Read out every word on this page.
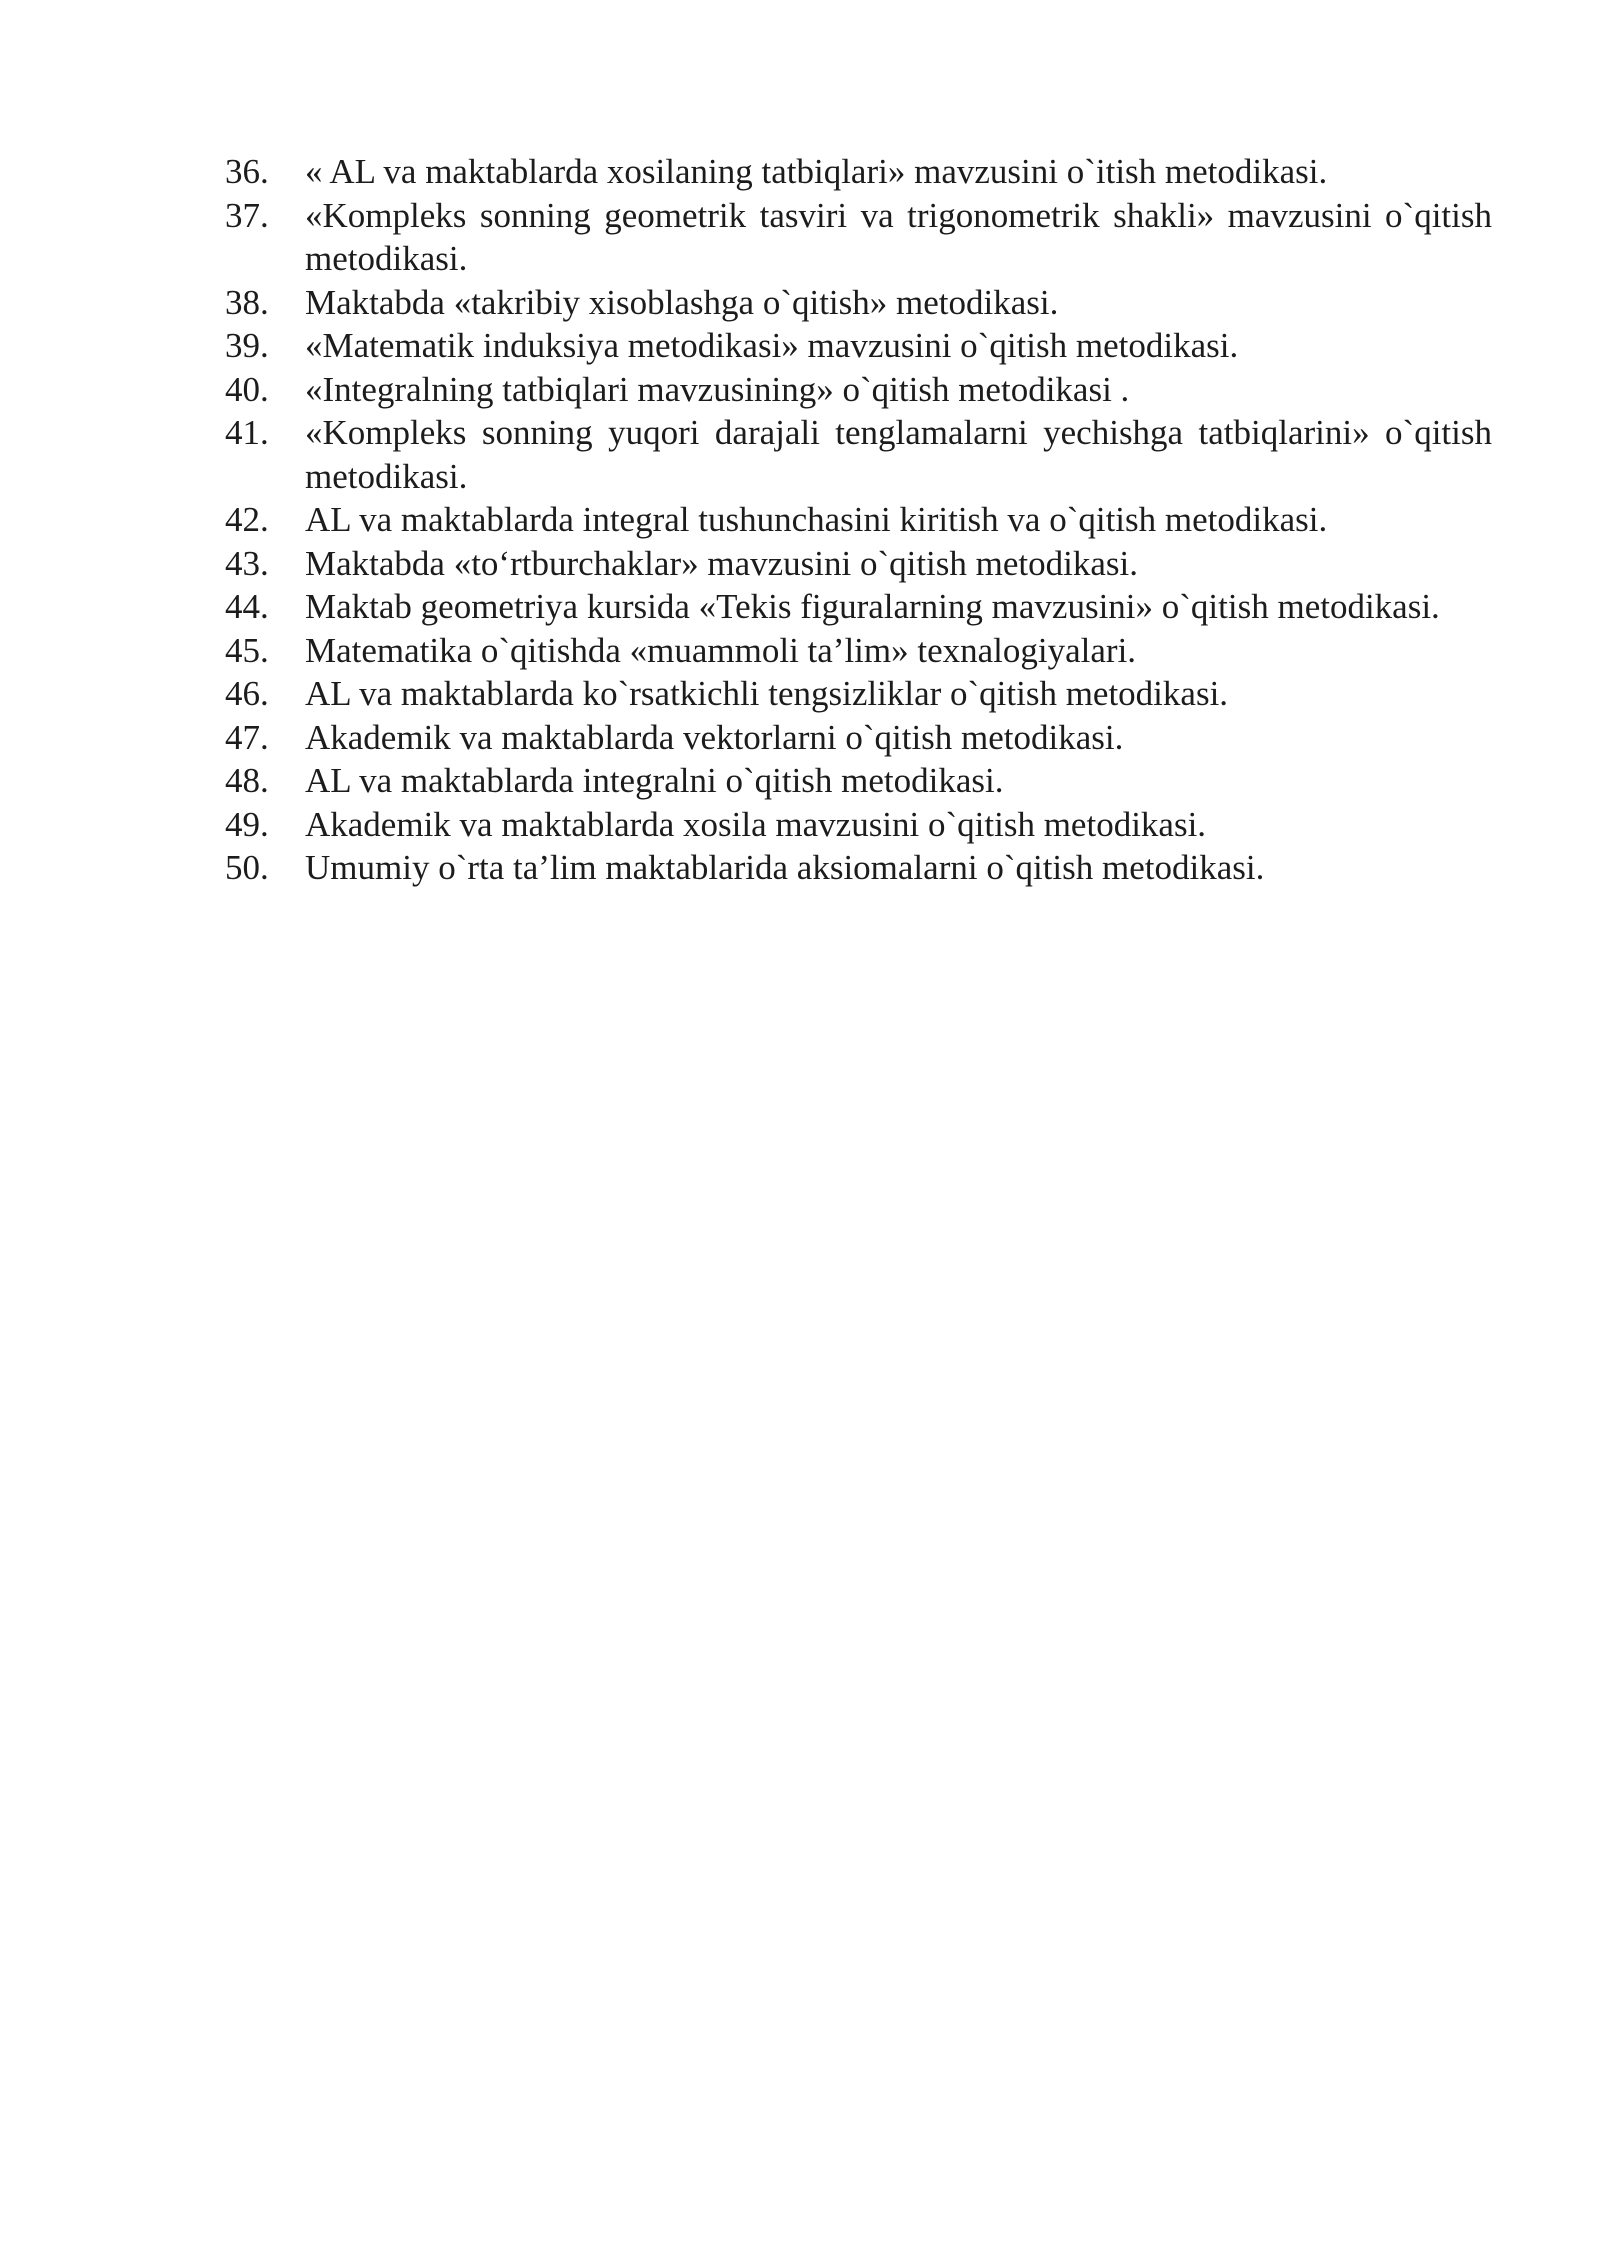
36.	« AL va maktablarda xosilaning tatbiqlari» mavzusini o`itish metodikasi.
37.	«Kompleks sonning geometrik tasviri va trigonometrik shakli» mavzusini o`qitish metodikasi.
38.	Maktabda «takribiy xisoblashga o`qitish» metodikasi.
39.	«Matematik induksiya metodikasi» mavzusini o`qitish metodikasi.
40.	«Integralning tatbiqlari mavzusining» o`qitish metodikasi .
41.	«Kompleks sonning yuqori darajali tenglamalarni yechishga tatbiqlarini» o`qitish metodikasi.
42.	AL va maktablarda integral tushunchasini kiritish va o`qitish metodikasi.
43.	Maktabda «to‘rtburchaklar» mavzusini o`qitish metodikasi.
44.	Maktab geometriya kursida «Tekis figuralarning mavzusini» o`qitish metodikasi.
45.	Matematika o`qitishda «muammoli ta’lim» texnalogiyalari.
46.	AL va maktablarda ko`rsatkichli tengsizliklar o`qitish metodikasi.
47.	Akademik va maktablarda vektorlarni o`qitish metodikasi.
48.	AL va maktablarda integralni o`qitish metodikasi.
49.	Akademik va maktablarda xosila mavzusini o`qitish metodikasi.
50.	Umumiy o`rta ta’lim maktablarida aksiomalarni o`qitish metodikasi.
